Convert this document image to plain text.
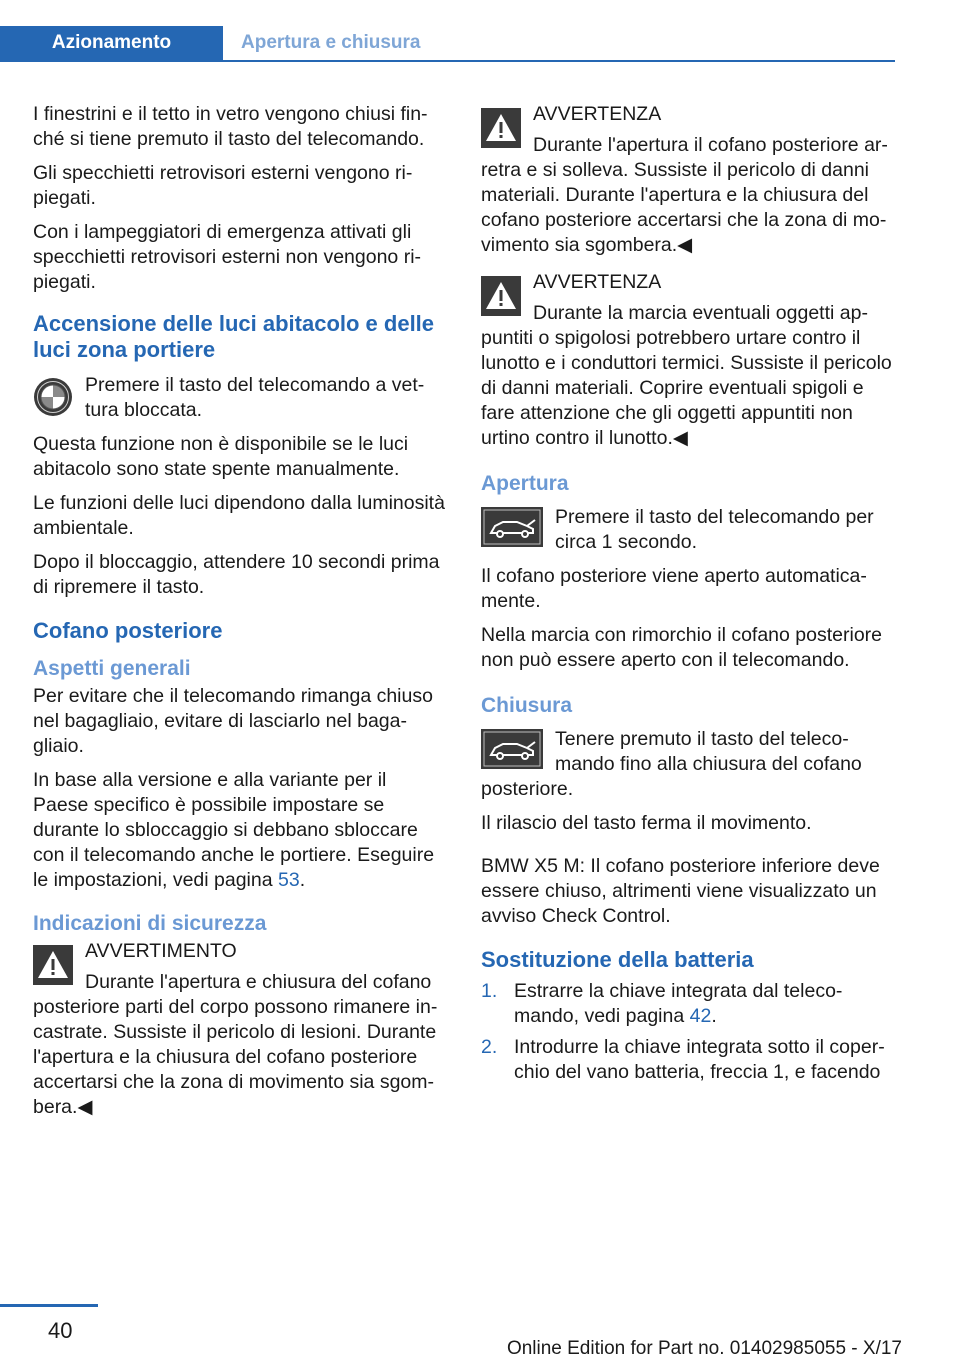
Azionamento	Apertura e chiusura

I finestrini e il tetto in vetro vengono chiusi finché si tiene premuto il tasto del telecomando.

Gli specchietti retrovisori esterni vengono ripiegati.

Con i lampeggiatori di emergenza attivati gli specchietti retrovisori esterni non vengono ripiegati.

Accensione delle luci abitacolo e delle luci zona portiere
Premere il tasto del telecomando a vettura bloccata.

Questa funzione non è disponibile se le luci abitacolo sono state spente manualmente.

Le funzioni delle luci dipendono dalla luminosità ambientale.

Dopo il bloccaggio, attendere 10 secondi prima di ripremere il tasto.

Cofano posteriore
Aspetti generali

Per evitare che il telecomando rimanga chiuso nel bagagliaio, evitare di lasciarlo nel bagagliaio.

In base alla versione e alla variante per il Paese specifico è possibile impostare se durante lo sbloccaggio si debbano sbloccare con il telecomando anche le portiere. Eseguire le impostazioni, vedi pagina 53.

Indicazioni di sicurezza
AVVERTIMENTO
Durante l'apertura e chiusura del cofano posteriore parti del corpo possono rimanere incastrate. Sussiste il pericolo di lesioni. Durante l'apertura e la chiusura del cofano posteriore accertarsi che la zona di movimento sia sgombera.◀
AVVERTENZA
Durante l'apertura il cofano posteriore arretra e si solleva. Sussiste il pericolo di danni materiali. Durante l'apertura e la chiusura del cofano posteriore accertarsi che la zona di movimento sia sgombera.◀
AVVERTENZA
Durante la marcia eventuali oggetti appuntiti o spigolosi potrebbero urtare contro il lunotto e i conduttori termici. Sussiste il pericolo di danni materiali. Coprire eventuali spigoli e fare attenzione che gli oggetti appuntiti non urtino contro il lunotto.◀
Apertura
Premere il tasto del telecomando per circa 1 secondo.

Il cofano posteriore viene aperto automaticamente.

Nella marcia con rimorchio il cofano posteriore non può essere aperto con il telecomando.

Chiusura
Tenere premuto il tasto del telecomando fino alla chiusura del cofano posteriore.

Il rilascio del tasto ferma il movimento.

BMW X5 M: Il cofano posteriore inferiore deve essere chiuso, altrimenti viene visualizzato un avviso Check Control.

Sostituzione della batteria
1. Estrarre la chiave integrata dal telecomando, vedi pagina 42.
2. Introdurre la chiave integrata sotto il coperchio del vano batteria, freccia 1, e facendo
40
Online Edition for Part no. 01402985055 - X/17
